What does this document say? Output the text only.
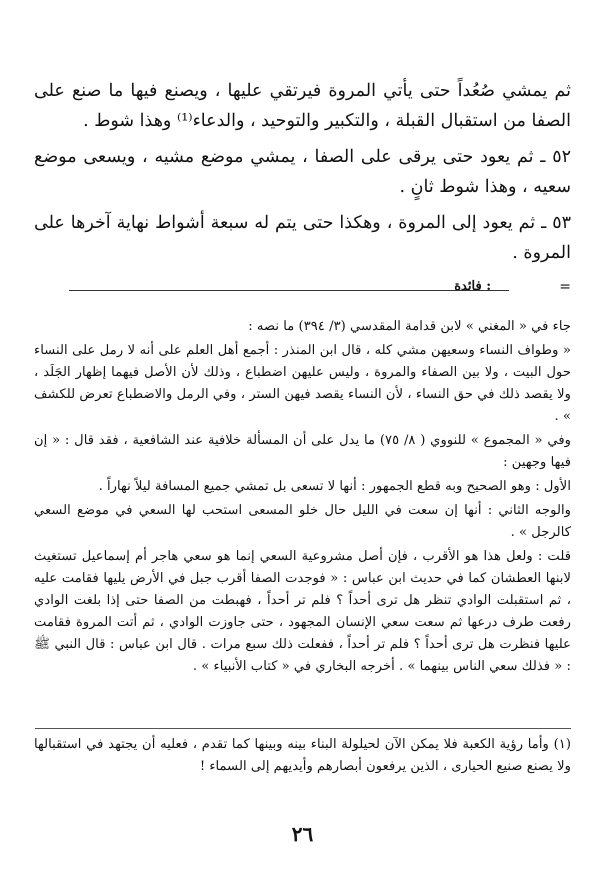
ثم يمشي صُعُداً حتى يأتي المروة فيرتقي عليها ، ويصنع فيها ما صنع على الصفا من استقبال القبلة ، والتكبير والتوحيد ، والدعاء⁽¹⁾ وهذا شوط .

٥٢ ـ ثم يعود حتى يرقى على الصفا ، يمشي موضع مشيه ، ويسعى موضع سعيه ، وهذا شوط ثانٍ .

٥٣ ـ ثم يعود إلى المروة ، وهكذا حتى يتم له سبعة أشواط نهاية آخرها على المروة .

=
فائدة :

جاء في « المغني » لابن قدامة المقدسي (٣/ ٣٩٤) ما نصه :

« وطواف النساء وسعيهن مشي كله ، قال ابن المنذر : أجمع أهل العلم على أنه لا رمل على النساء حول البيت ، ولا بين الصفاء والمروة ، وليس عليهن اضطباع ، وذلك لأن الأصل فيهما إظهار الجَلَد ، ولا يقصد ذلك في حق النساء ، لأن النساء يقصد فيهن الستر ، وفي الرمل والاضطباع تعرض للكشف » .

وفي « المجموع » للنووي ( ٨/ ٧٥) ما يدل على أن المسألة خلافية عند الشافعية ، فقد قال : « إن فيها وجهين :

الأول : وهو الصحيح وبه قطع الجمهور : أنها لا تسعى بل تمشي جميع المسافة ليلاً نهاراً .

والوجه الثاني : أنها إن سعت في الليل حال خلو المسعى استحب لها السعي في موضع السعي كالرجل » .

قلت : ولعل هذا هو الأقرب ، فإن أصل مشروعية السعي إنما هو سعي هاجر أم إسماعيل تستغيث لابنها العطشان كما في حديث ابن عباس : « فوجدت الصفا أقرب جبل في الأرض يليها فقامت عليه ، ثم استقبلت الوادي تنظر هل ترى أحداً ؟ فلم تر أحداً ، فهبطت من الصفا حتى إذا بلغت الوادي رفعت طرف درعها ثم سعت سعي الإنسان المجهود ، حتى جاوزت الوادي ، ثم أتت المروة فقامت عليها فنظرت هل ترى أحداً ؟ فلم تر أحداً ، ففعلت ذلك سبع مرات . قال ابن عباس : قال النبي ﷺ : « فذلك سعي الناس بينهما » . أخرجه البخاري في « كتاب الأنبياء » .

(١) وأما رؤية الكعبة فلا يمكن الآن لحيلولة البناء بينه وبينها كما تقدم ، فعليه أن يجتهد في استقبالها ولا يصنع صنيع الحيارى ، الذين يرفعون أبصارهم وأيديهم إلى السماء !
٢٦
